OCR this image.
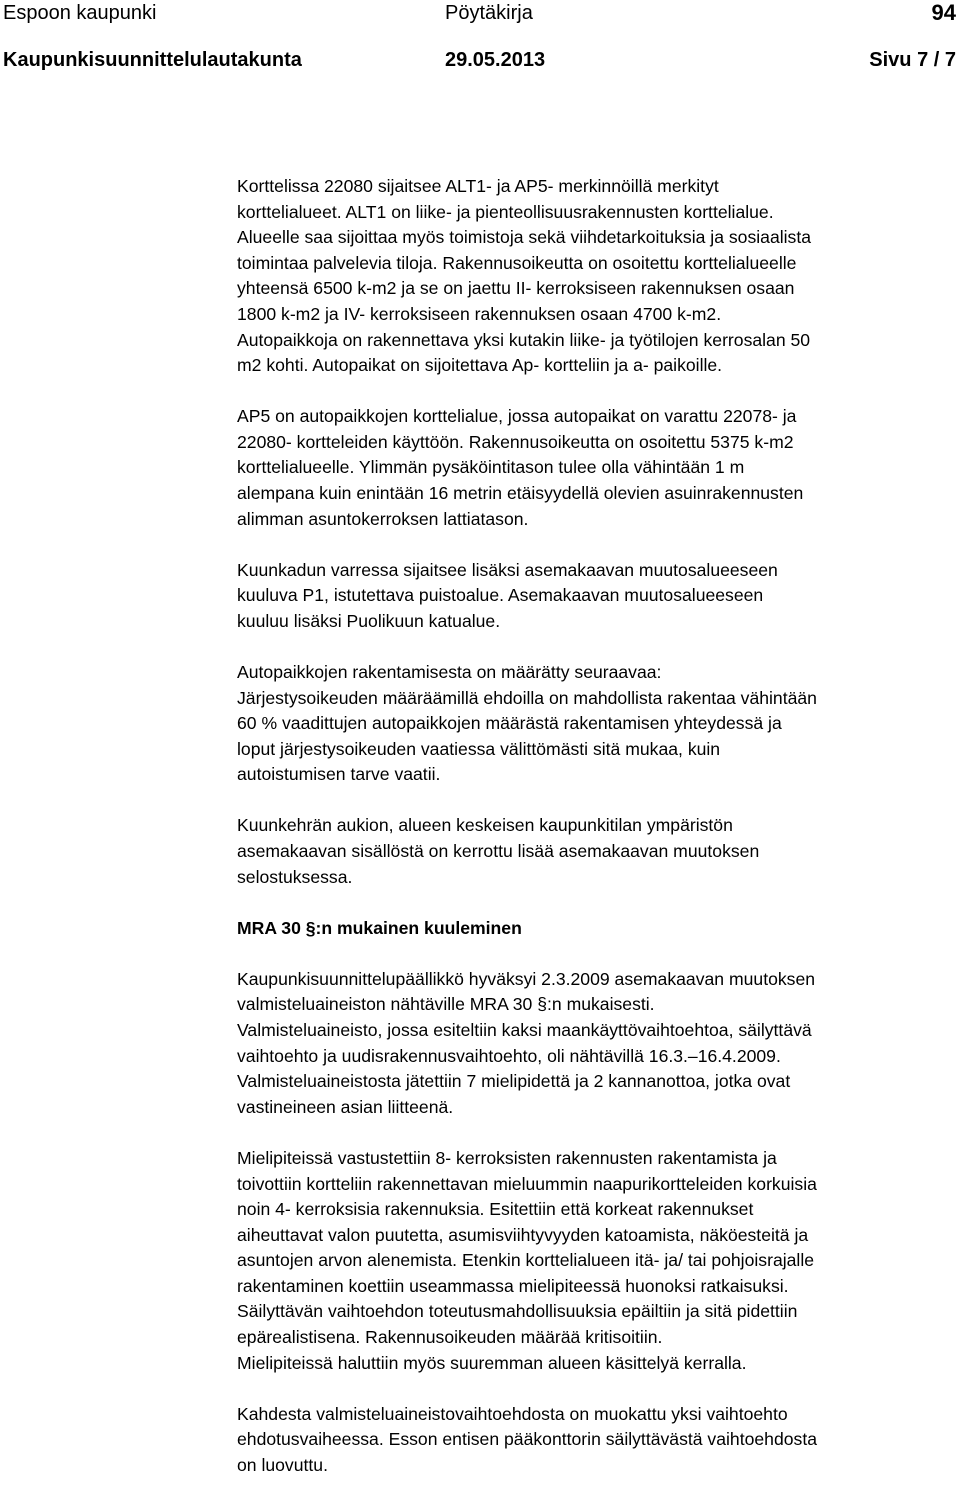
Espoon kaupunki	Pöytäkirja	94
Kaupunkisuunnittelulautakunta	29.05.2013	Sivu 7 / 7

Korttelissa 22080 sijaitsee ALT1- ja AP5- merkinnöillä merkityt
korttelialueet. ALT1 on liike- ja pienteollisuusrakennusten korttelialue.
Alueelle saa sijoittaa myös toimistoja sekä viihdetarkoituksia ja sosiaalista
toimintaa palvelevia tiloja. Rakennusoikeutta on osoitettu korttelialueelle
yhteensä 6500 k-m2 ja se on jaettu II- kerroksiseen rakennuksen osaan
1800 k-m2 ja IV- kerroksiseen rakennuksen osaan 4700 k-m2.
Autopaikkoja on rakennettava yksi kutakin liike- ja työtilojen kerrosalan 50
m2 kohti. Autopaikat on sijoitettava Ap- kortteliin ja a- paikoille.

AP5 on autopaikkojen korttelialue, jossa autopaikat on varattu 22078- ja
22080- kortteleiden käyttöön. Rakennusoikeutta on osoitettu 5375 k-m2
korttelialueelle. Ylimmän pysäköintitason tulee olla vähintään 1 m
alempana kuin enintään 16 metrin etäisyydellä olevien asuinrakennusten
alimman asuntokerroksen lattiatason.

Kuunkadun varressa sijaitsee lisäksi asemakaavan muutosalueeseen
kuuluva P1, istutettava puistoalue. Asemakaavan muutosalueeseen
kuuluu lisäksi Puolikuun katualue.

Autopaikkojen rakentamisesta on määrätty seuraavaa:
Järjestysoikeuden määräämillä ehdoilla on mahdollista rakentaa vähintään
60 % vaadittujen autopaikkojen määrästä rakentamisen yhteydessä ja
loput järjestysoikeuden vaatiessa välittömästi sitä mukaa, kuin
autoistumisen tarve vaatii.

Kuunkehrän aukion, alueen keskeisen kaupunkitilan ympäristön
asemakaavan sisällöstä on kerrottu lisää asemakaavan muutoksen
selostuksessa.

MRA 30 §:n mukainen kuuleminen

Kaupunkisuunnittelupäällikkö hyväksyi 2.3.2009 asemakaavan muutoksen
valmisteluaineiston nähtäville MRA 30 §:n mukaisesti.
Valmisteluaineisto, jossa esiteltiin kaksi maankäyttövaihtoehtoa, säilyttävä
vaihtoehto ja uudisrakennusvaihtoehto, oli nähtävillä 16.3.–16.4.2009.
Valmisteluaineistosta jätettiin 7 mielipidettä ja 2 kannanottoa, jotka ovat
vastineineen asian liitteenä.

Mielipiteissä vastustettiin 8- kerroksisten rakennusten rakentamista ja
toivottiin kortteliin rakennettavan mieluummin naapurikortteleiden korkuisia
noin 4- kerroksisia rakennuksia. Esitettiin että korkeat rakennukset
aiheuttavat valon puutetta, asumisviihtyvyyden katoamista, näköesteitä ja
asuntojen arvon alenemista. Etenkin korttelialueen itä- ja/ tai pohjoisrajalle
rakentaminen koettiin useammassa mielipiteessä huonoksi ratkaisuksi.
Säilyttävän vaihtoehdon toteutusmahdollisuuksia epäiltiin ja sitä pidettiin
epärealistisena. Rakennusoikeuden määrää kritisoitiin.
Mielipiteissä haluttiin myös suuremman alueen käsittelyä kerralla.

Kahdesta valmisteluaineistovaihtoehdosta on muokattu yksi vaihtoehto
ehdotusvaiheessa. Esson entisen pääkonttorin säilyttävästä vaihtoehdosta
on luovuttu.
